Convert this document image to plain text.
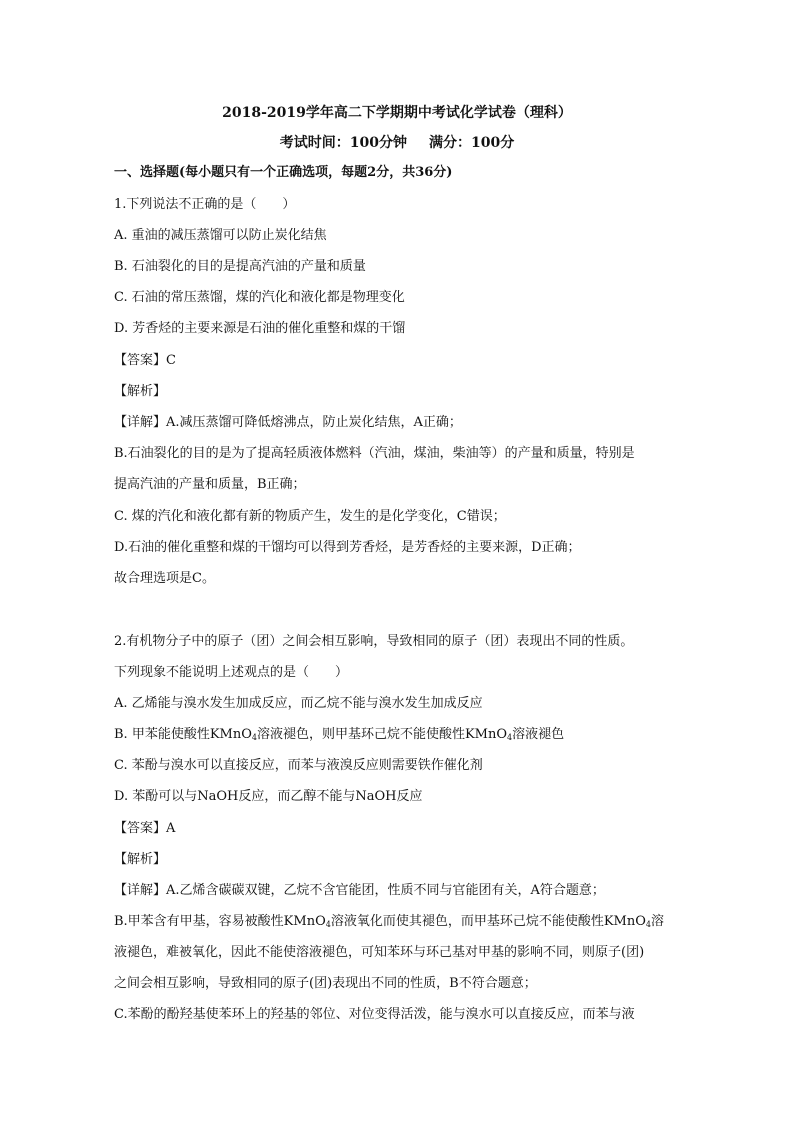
2018-2019学年高二下学期期中考试化学试卷（理科）
考试时间：100分钟 满分：100分
一、选择题(每小题只有一个正确选项，每题2分，共36分)
1.下列说法不正确的是（　　）
A. 重油的减压蒸馏可以防止炭化结焦
B. 石油裂化的目的是提高汽油的产量和质量
C. 石油的常压蒸馏，煤的汽化和液化都是物理变化
D. 芳香烃的主要来源是石油的催化重整和煤的干馏
【答案】C
【解析】
【详解】A.减压蒸馏可降低熔沸点，防止炭化结焦，A正确；
B.石油裂化的目的是为了提高轻质液体燃料（汽油，煤油，柴油等）的产量和质量，特别是
提高汽油的产量和质量，B正确；
C. 煤的汽化和液化都有新的物质产生，发生的是化学变化，C错误；
D.石油的催化重整和煤的干馏均可以得到芳香烃，是芳香烃的主要来源，D正确；
故合理选项是C。
2.有机物分子中的原子（团）之间会相互影响，导致相同的原子（团）表现出不同的性质。
下列现象不能说明上述观点的是（　　）
A. 乙烯能与溴水发生加成反应，而乙烷不能与溴水发生加成反应
B. 甲苯能使酸性KMnO$_4$溶液褪色，则甲基环己烷不能使酸性KMnO$_4$溶液褪色
C. 苯酚与溴水可以直接反应，而苯与液溴反应则需要铁作催化剂
D. 苯酚可以与NaOH反应，而乙醇不能与NaOH反应
【答案】A
【解析】
【详解】A.乙烯含碳碳双键，乙烷不含官能团，性质不同与官能团有关，A符合题意；
B.甲苯含有甲基，容易被酸性KMnO$_4$溶液氧化而使其褪色，而甲基环己烷不能使酸性KMnO$_4$溶
液褪色，难被氧化，因此不能使溶液褪色，可知苯环与环己基对甲基的影响不同，则原子(团)
之间会相互影响，导致相同的原子(团)表现出不同的性质，B不符合题意；
C.苯酚的酚羟基使苯环上的羟基的邻位、对位变得活泼，能与溴水可以直接反应，而苯与液
